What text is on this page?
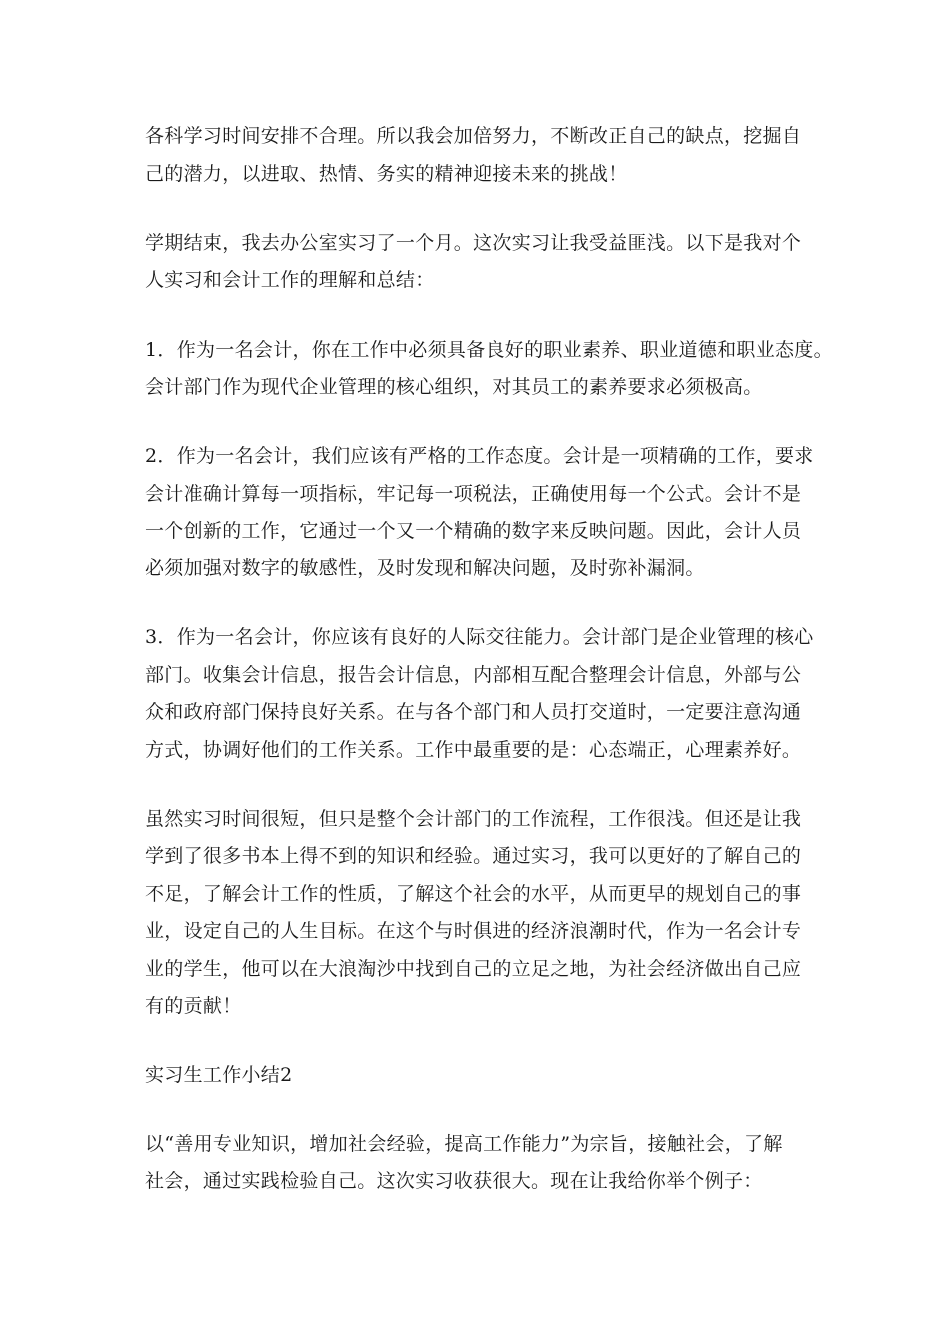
各科学习时间安排不合理。所以我会加倍努力，不断改正自己的缺点，挖掘自
己的潜力，以进取、热情、务实的精神迎接未来的挑战！
学期结束，我去办公室实习了一个月。这次实习让我受益匪浅。以下是我对个
人实习和会计工作的理解和总结：
1．作为一名会计，你在工作中必须具备良好的职业素养、职业道德和职业态度。
会计部门作为现代企业管理的核心组织，对其员工的素养要求必须极高。
2．作为一名会计，我们应该有严格的工作态度。会计是一项精确的工作，要求
会计准确计算每一项指标，牢记每一项税法，正确使用每一个公式。会计不是
一个创新的工作，它通过一个又一个精确的数字来反映问题。因此，会计人员
必须加强对数字的敏感性，及时发现和解决问题，及时弥补漏洞。
3．作为一名会计，你应该有良好的人际交往能力。会计部门是企业管理的核心
部门。收集会计信息，报告会计信息，内部相互配合整理会计信息，外部与公
众和政府部门保持良好关系。在与各个部门和人员打交道时，一定要注意沟通
方式，协调好他们的工作关系。工作中最重要的是：心态端正，心理素养好。
虽然实习时间很短，但只是整个会计部门的工作流程，工作很浅。但还是让我
学到了很多书本上得不到的知识和经验。通过实习，我可以更好的了解自己的
不足，了解会计工作的性质，了解这个社会的水平，从而更早的规划自己的事
业，设定自己的人生目标。在这个与时俱进的经济浪潮时代，作为一名会计专
业的学生，他可以在大浪淘沙中找到自己的立足之地，为社会经济做出自己应
有的贡献！
实习生工作小结2
以“善用专业知识，增加社会经验，提高工作能力”为宗旨，接触社会，了解
社会，通过实践检验自己。这次实习收获很大。现在让我给你举个例子：
